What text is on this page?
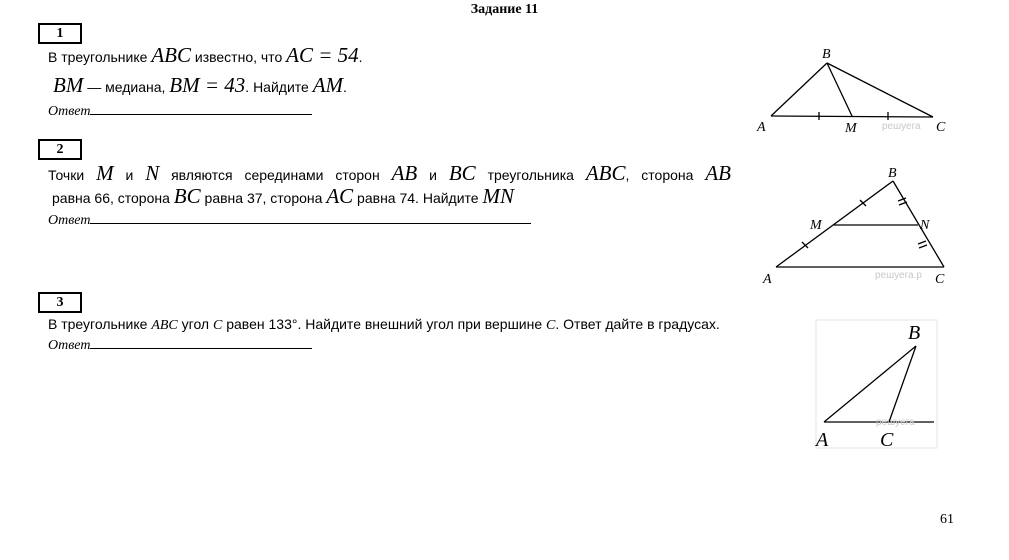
Задание 11
1
В треугольнике ABC известно, что AC = 54.
BM — медиана, BM = 43. Найдите AM.
Ответ
решуега
A
B
M	C
2
Точки M и N являются серединами сторон AB и BC треугольника ABC, сторона AB
равна 66, сторона BC равна 37, сторона AC равна 74. Найдите MN
Ответ
решуега.р
A
B
M	N
C
3
В треугольнике ABC угол C равен 133°. Найдите внешний угол при вершине C. Ответ дайте в градусах.
Ответ
решуега
A
B
C
61
